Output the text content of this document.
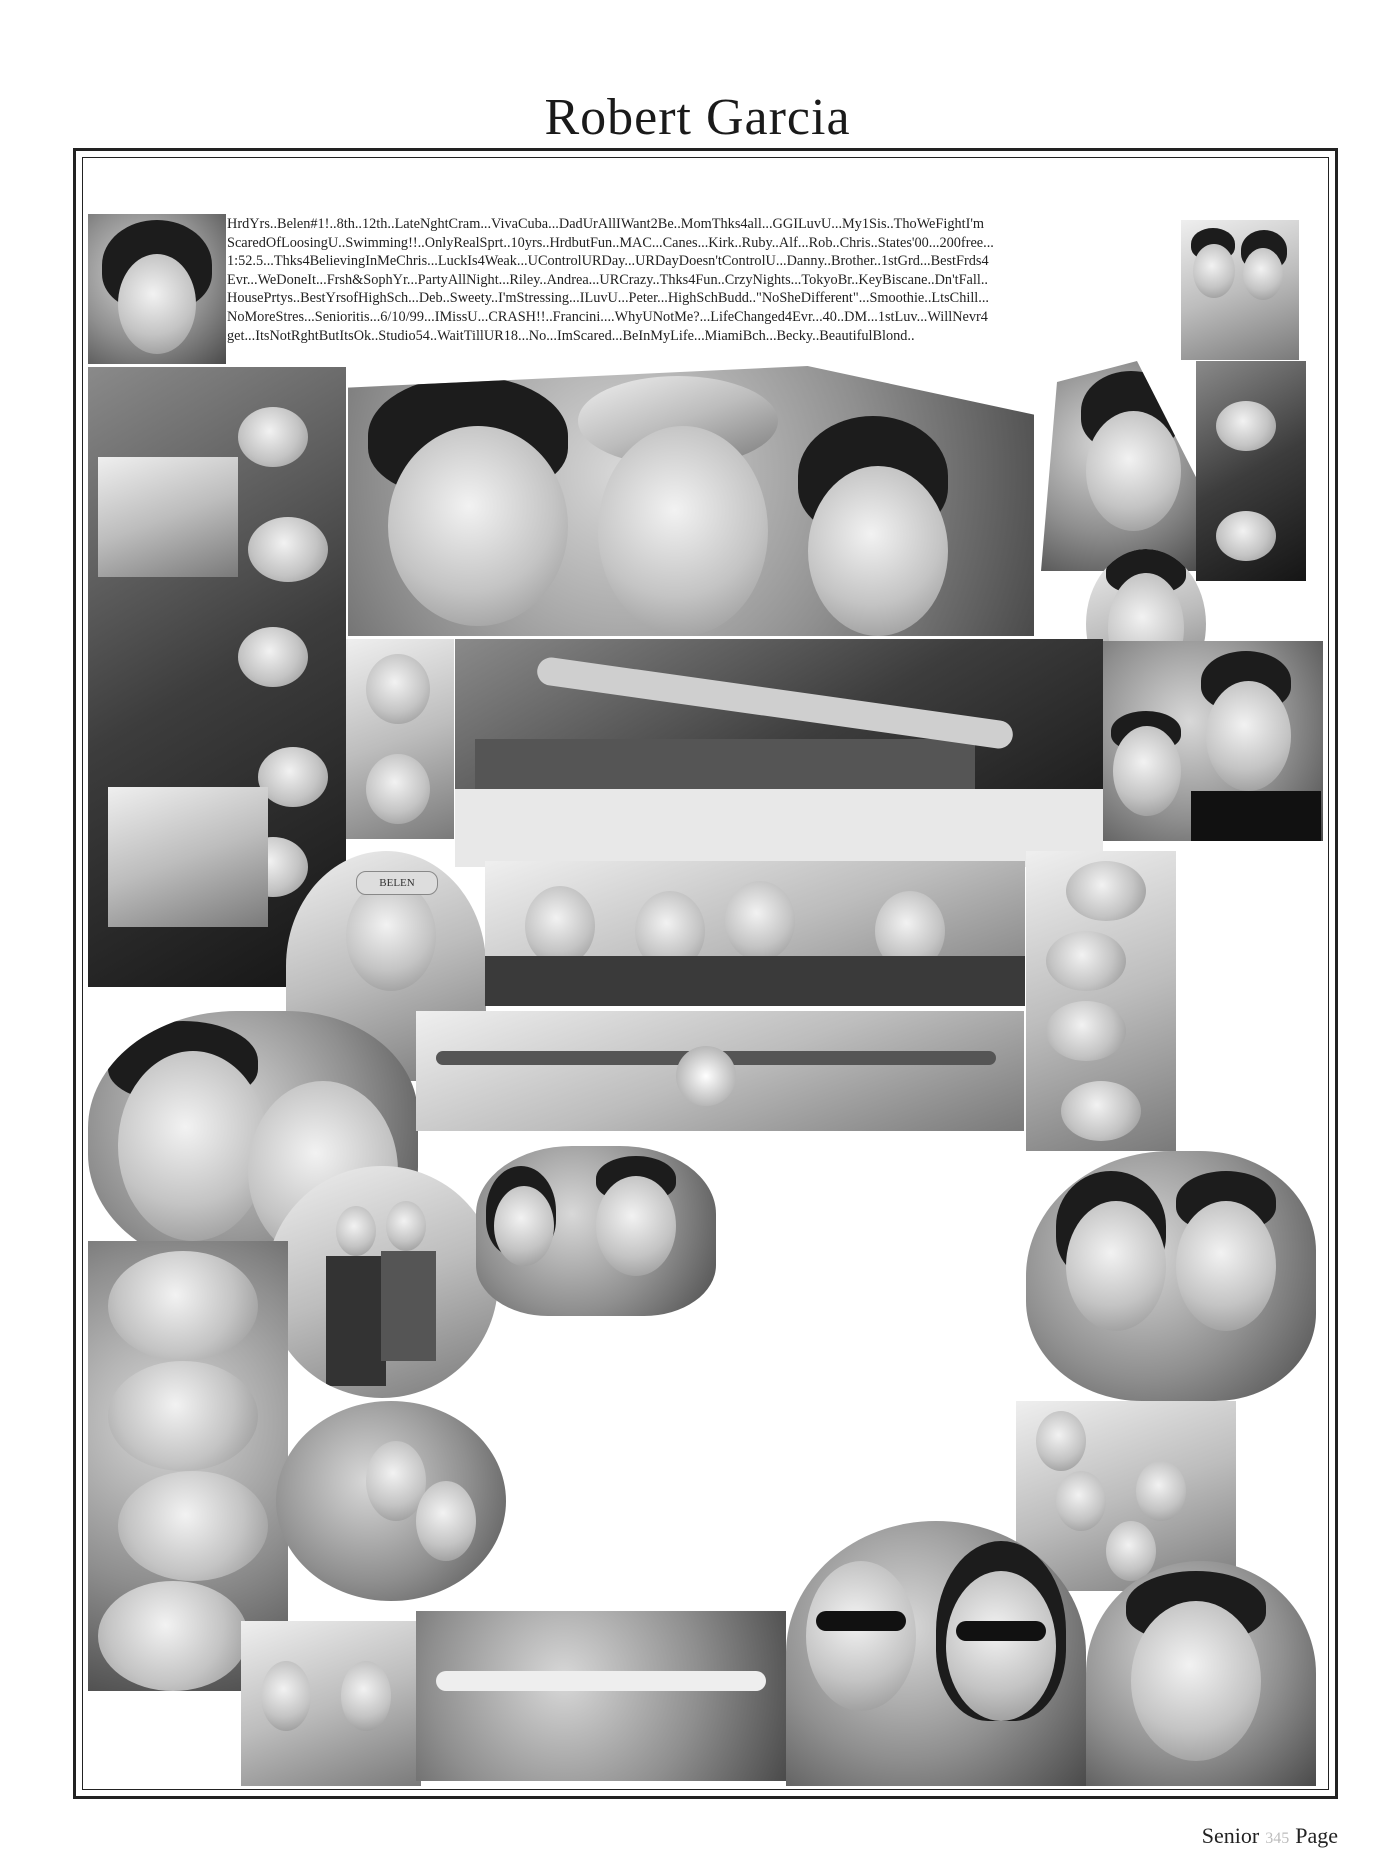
Robert Garcia
HrdYrs..Belen#1!..8th..12th..LateNghtCram...VivaCuba...DadUrAllIWant2Be..MomThks4all...GGILuvU...My1Sis..ThoWeFightI'm ScaredOfLoosingU..Swimming!!..OnlyRealSprt..10yrs..HrdbutFun..MAC...Canes...Kirk..Ruby..Alf...Rob..Chris..States'00...200free... 1:52.5...Thks4BelievingInMeChris...LuckIs4Weak...UControlURDay...URDayDoesn'tControlU...Danny..Brother..1stGrd...BestFrds4 Evr...WeDoneIt...Frsh&SophYr...PartyAllNight...Riley..Andrea...URCrazy..Thks4Fun..CrzyNights...TokyoBr..KeyBiscane..Dn'tFall.. HousePrtys..BestYrsofHighSch...Deb..Sweety..I'mStressing...ILuvU...Peter...HighSchBudd.."NoSheDifferent"...Smoothie..LtsChill... NoMoreStres...Senioritis...6/10/99...IMissU...CRASH!!..Francini....WhyUNotMe?...LifeChanged4Evr...40..DM...1stLuv...WillNevr4 get...ItsNotRghtButItsOk..Studio54..WaitTillUR18...No...ImScared...BeInMyLife...MiamiBch...Becky..BeautifulBlond..
BELEN
Senior 345 Page
